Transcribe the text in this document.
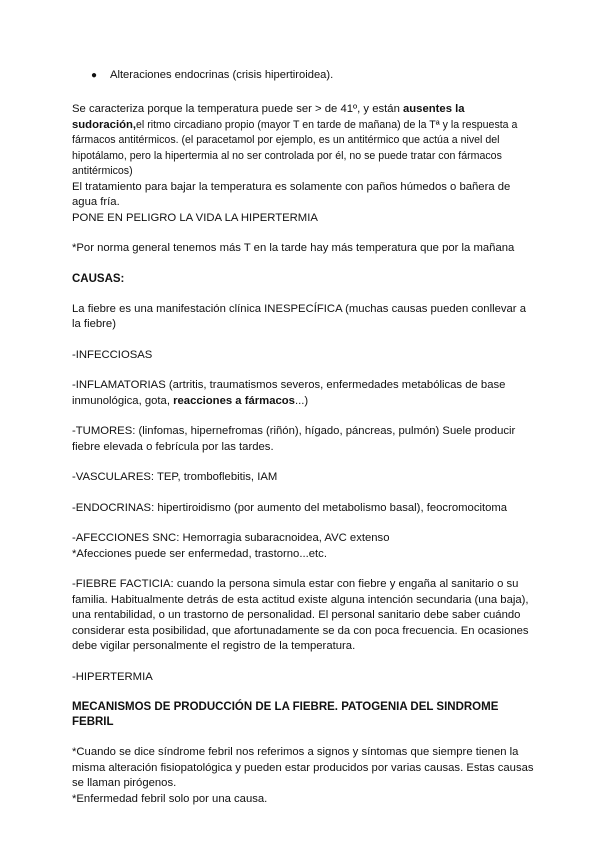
● Alteraciones endocrinas (crisis hipertiroidea).

Se caracteriza porque la temperatura puede ser > de 41º, y están ausentes la sudoración,el ritmo circadiano propio (mayor T en tarde de mañana) de la Tª y la respuesta a fármacos antitérmicos. (el paracetamol por ejemplo, es un antitérmico que actúa a nivel del hipotálamo, pero la hipertermia al no ser controlada por él, no se puede tratar con fármacos antitérmicos)

El tratamiento para bajar la temperatura es solamente con paños húmedos o bañera de agua fría.

PONE EN PELIGRO LA VIDA LA HIPERTERMIA

*Por norma general tenemos más T en la tarde hay más temperatura que por la mañana

CAUSAS:

La fiebre es una manifestación clínica INESPECÍFICA (muchas causas pueden conllevar a la fiebre)

-INFECCIOSAS

-INFLAMATORIAS (artritis, traumatismos severos, enfermedades metabólicas de base inmunológica, gota, reacciones a fármacos...)

-TUMORES: (linfomas, hipernefromas (riñón), hígado, páncreas, pulmón) Suele producir fiebre elevada o febrícula por las tardes.

-VASCULARES: TEP, tromboflebitis, IAM

-ENDOCRINAS: hipertiroidismo (por aumento del metabolismo basal), feocromocitoma

-AFECCIONES SNC: Hemorragia subaracnoidea, AVC extenso

*Afecciones puede ser enfermedad, trastorno...etc.

-FIEBRE FACTICIA: cuando la persona simula estar con fiebre y engaña al sanitario o su familia. Habitualmente detrás de esta actitud existe alguna intención secundaria (una baja), una rentabilidad, o un trastorno de personalidad. El personal sanitario debe saber cuándo considerar esta posibilidad, que afortunadamente se da con poca frecuencia. En ocasiones debe vigilar personalmente el registro de la temperatura.

-HIPERTERMIA

MECANISMOS DE PRODUCCIÓN DE LA FIEBRE. PATOGENIA DEL SINDROME FEBRIL

*Cuando se dice síndrome febril nos referimos a signos y síntomas que siempre tienen la misma alteración fisiopatológica y pueden estar producidos por varias causas. Estas causas se llaman pirógenos.

*Enfermedad febril solo por una causa.
